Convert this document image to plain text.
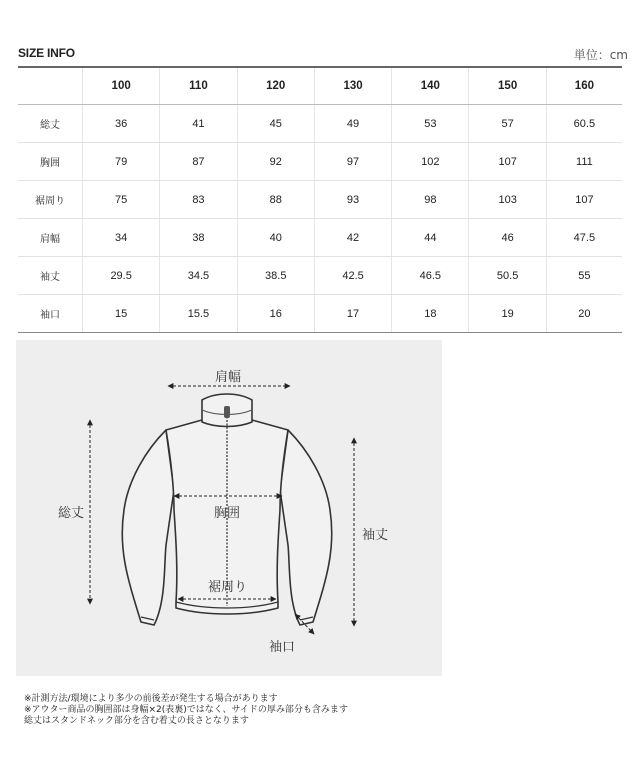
SIZE INFO	単位：cm
	100	110	120	130	140	150	160
総丈	36	41	45	49	53	57	60.5
胸囲	79	87	92	97	102	107	111
裾周り	75	83	88	93	98	103	107
肩幅	34	38	40	42	44	46	47.5
袖丈	29.5	34.5	38.5	42.5	46.5	50.5	55
袖口	15	15.5	16	17	18	19	20
肩幅
総丈	胸囲
裾周り
袖丈
袖口
※計測方法/環境により多少の前後差が発生する場合があります
※アウター商品の胸囲部は身幅×2(表裏)ではなく、サイドの厚み部分も含みます
総丈はスタンドネック部分を含む着丈の長さとなります
